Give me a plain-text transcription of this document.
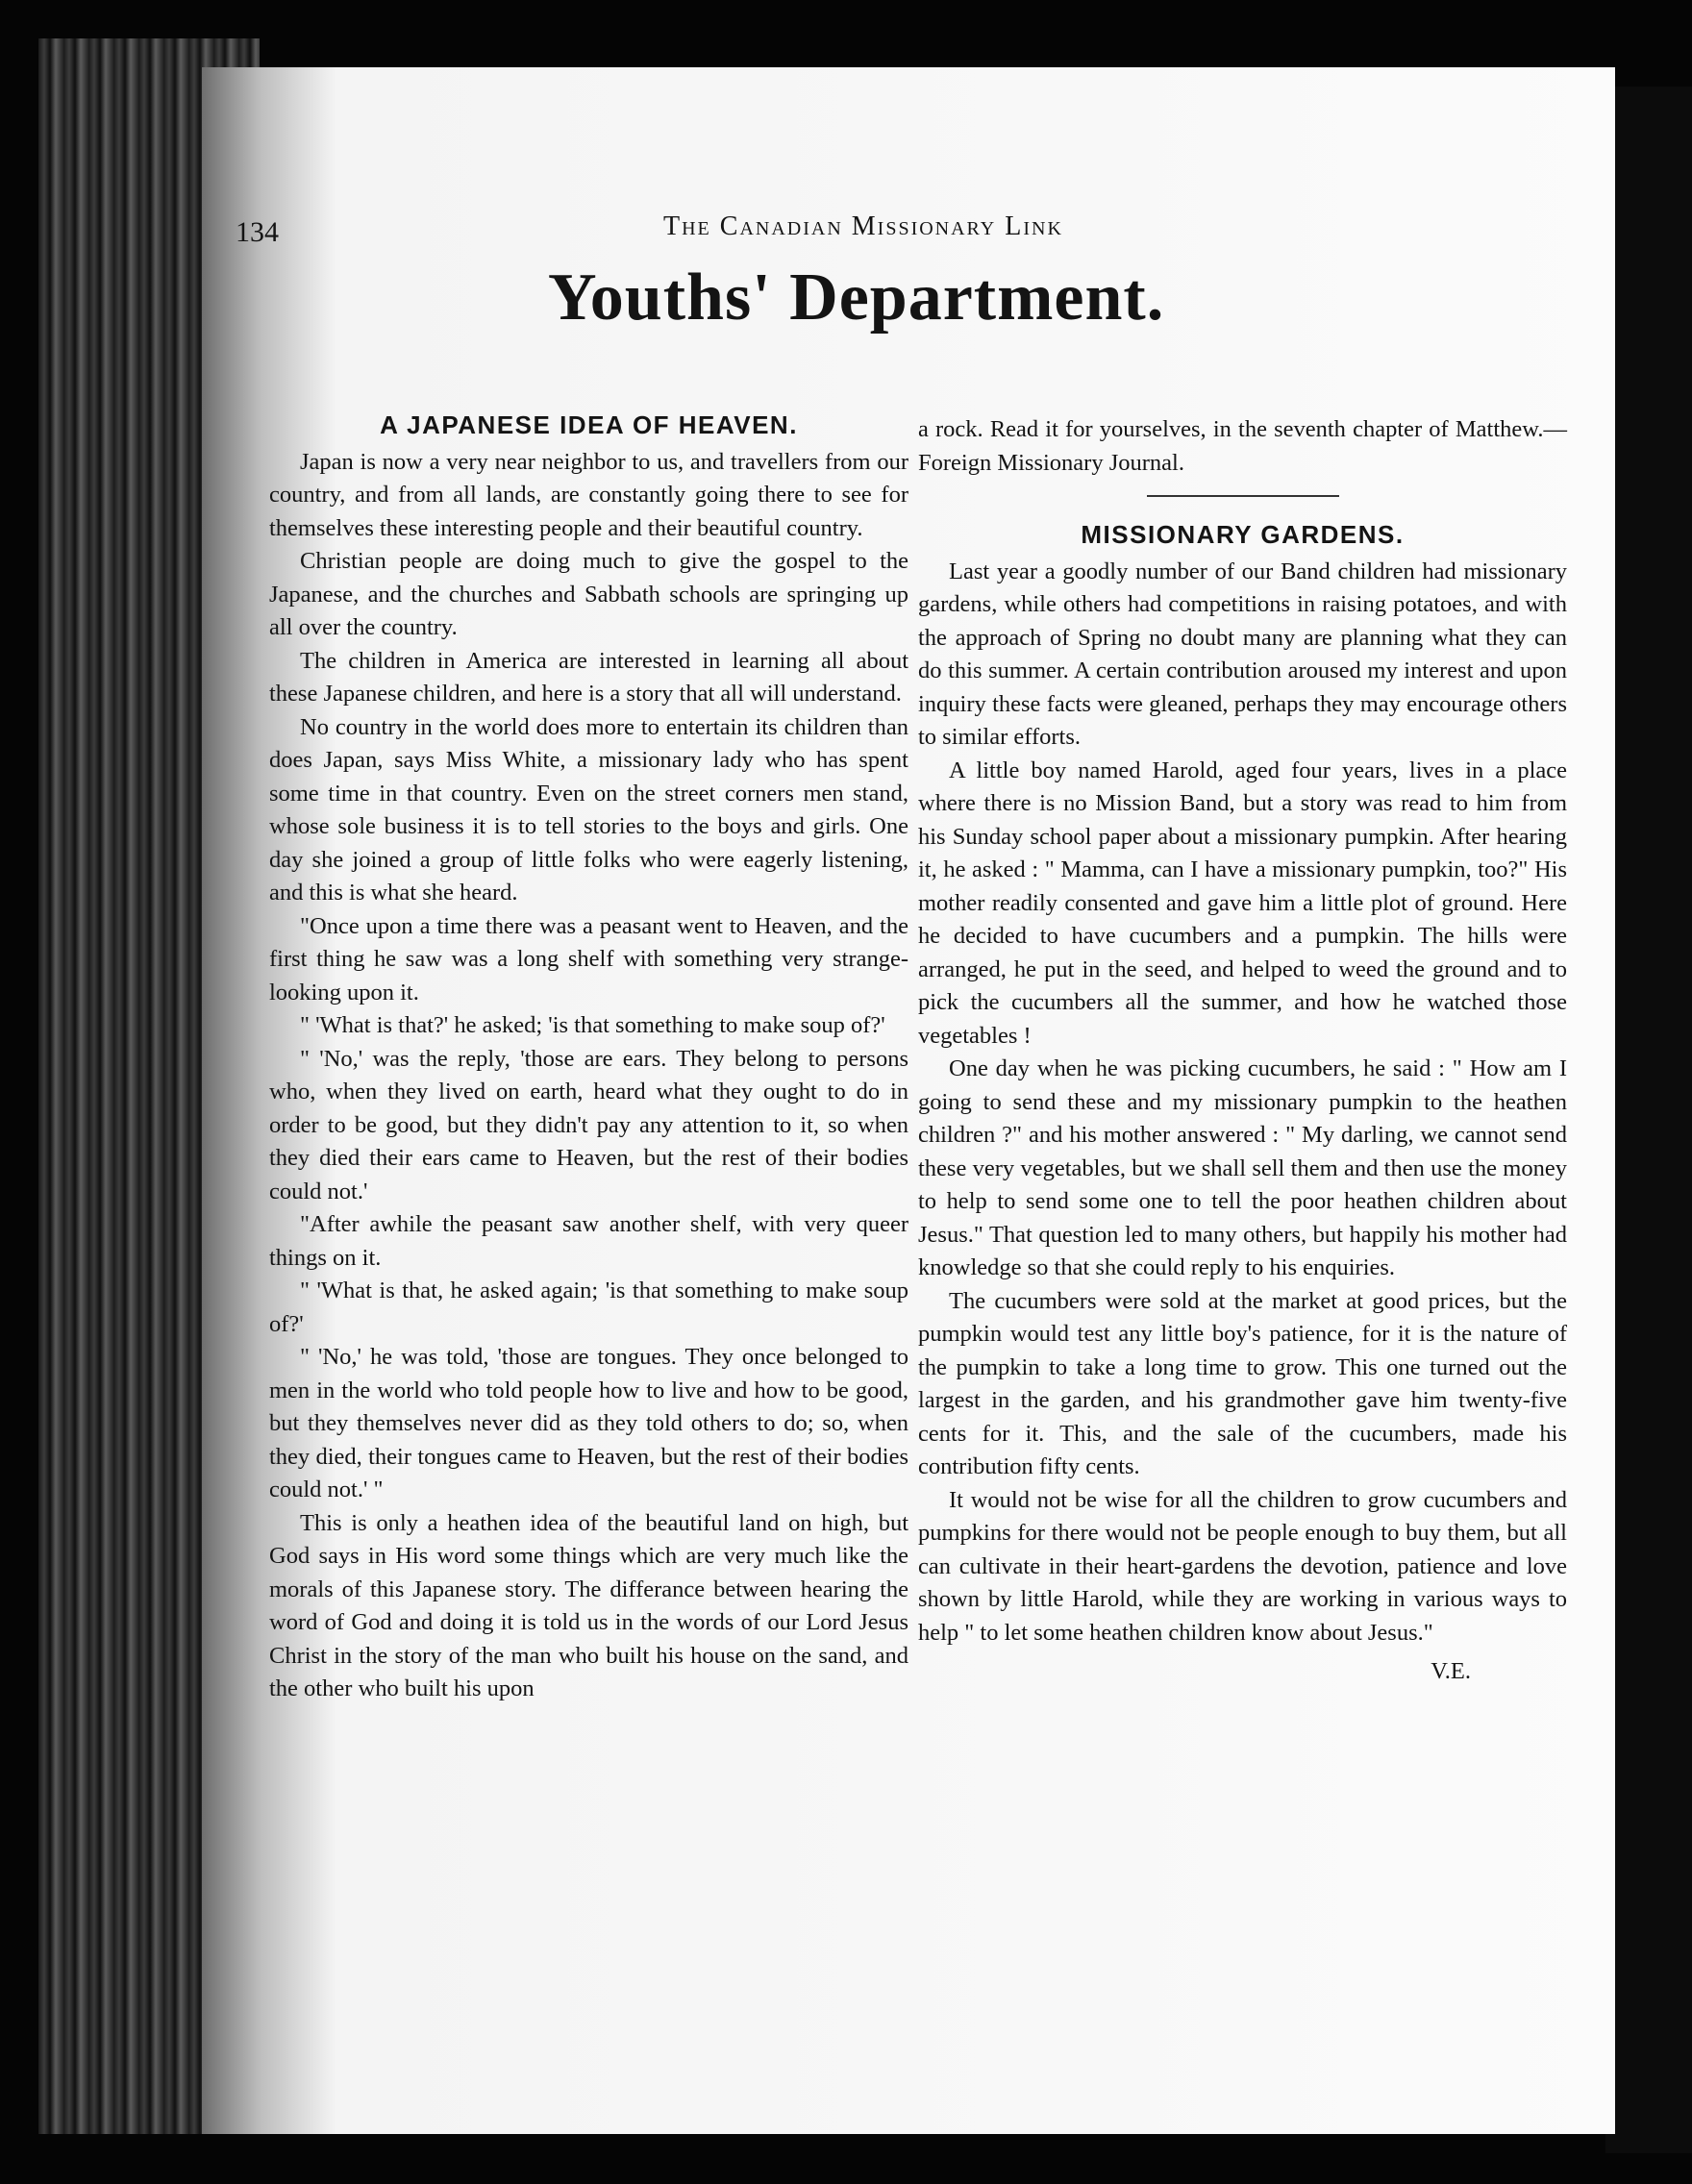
134	The Canadian Missionary Link
Youths' Department.
A JAPANESE IDEA OF HEAVEN.

Japan is now a very near neighbor to us, and travellers from our country, and from all lands, are constantly going there to see for themselves these interesting people and their beautiful country.

Christian people are doing much to give the gospel to the Japanese, and the churches and Sabbath schools are springing up all over the country.

The children in America are interested in learning all about these Japanese children, and here is a story that all will understand.

No country in the world does more to entertain its children than does Japan, says Miss White, a missionary lady who has spent some time in that country. Even on the street corners men stand, whose sole business it is to tell stories to the boys and girls. One day she joined a group of little folks who were eagerly listening, and this is what she heard.

"Once upon a time there was a peasant went to Heaven, and the first thing he saw was a long shelf with something very strange-looking upon it.

" 'What is that?' he asked; 'is that something to make soup of?'

" 'No,' was the reply, 'those are ears. They belong to persons who, when they lived on earth, heard what they ought to do in order to be good, but they didn't pay any attention to it, so when they died their ears came to Heaven, but the rest of their bodies could not.'

"After awhile the peasant saw another shelf, with very queer things on it.

" 'What is that, he asked again; 'is that something to make soup of?'

" 'No,' he was told, 'those are tongues. They once belonged to men in the world who told people how to live and how to be good, but they themselves never did as they told others to do; so, when they died, their tongues came to Heaven, but the rest of their bodies could not.' "

This is only a heathen idea of the beautiful land on high, but God says in His word some things which are very much like the morals of this Japanese story. The differance between hearing the word of God and doing it is told us in the words of our Lord Jesus Christ in the story of the man who built his house on the sand, and the other who built his upon

a rock. Read it for yourselves, in the seventh chapter of Matthew.—Foreign Missionary Journal.

MISSIONARY GARDENS.

Last year a goodly number of our Band children had missionary gardens, while others had competitions in raising potatoes, and with the approach of Spring no doubt many are planning what they can do this summer. A certain contribution aroused my interest and upon inquiry these facts were gleaned, perhaps they may encourage others to similar efforts.

A little boy named Harold, aged four years, lives in a place where there is no Mission Band, but a story was read to him from his Sunday school paper about a missionary pumpkin. After hearing it, he asked : " Mamma, can I have a missionary pumpkin, too?" His mother readily consented and gave him a little plot of ground. Here he decided to have cucumbers and a pumpkin. The hills were arranged, he put in the seed, and helped to weed the ground and to pick the cucumbers all the summer, and how he watched those vegetables !

One day when he was picking cucumbers, he said : " How am I going to send these and my missionary pumpkin to the heathen children ?" and his mother answered : " My darling, we cannot send these very vegetables, but we shall sell them and then use the money to help to send some one to tell the poor heathen children about Jesus." That question led to many others, but happily his mother had knowledge so that she could reply to his enquiries.

The cucumbers were sold at the market at good prices, but the pumpkin would test any little boy's patience, for it is the nature of the pumpkin to take a long time to grow. This one turned out the largest in the garden, and his grandmother gave him twenty-five cents for it. This, and the sale of the cucumbers, made his contribution fifty cents.

It would not be wise for all the children to grow cucumbers and pumpkins for there would not be people enough to buy them, but all can cultivate in their heart-gardens the devotion, patience and love shown by little Harold, while they are working in various ways to help " to let some heathen children know about Jesus."

V.E.
